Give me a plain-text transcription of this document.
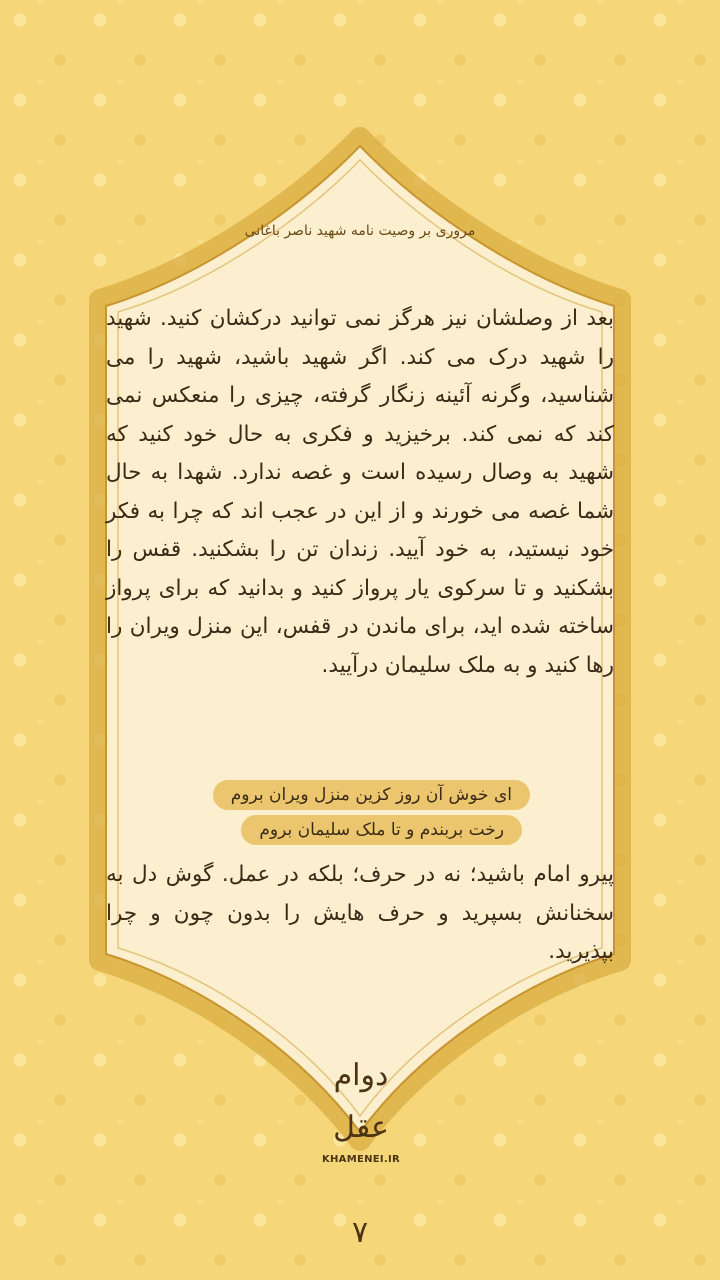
مروری بر وصیت نامه شهید ناصر باغانی

بعد از وصلشان نیز هرگز نمی توانید درکشان کنید. شهید را شهید درک می کند. اگر شهید باشید، شهید را می شناسید، وگرنه آئینه زنگار گرفته، چیزی را منعکس نمی کند که نمی کند. برخیزید و فکری به حال خود کنید که شهید به وصال رسیده است و غصه ندارد. شهدا به حال شما غصه می خورند و از این در عجب اند که چرا به فکر خود نیستید، به خود آیید. زندان تن را بشکنید. قفس را بشکنید و تا سرکوی یار پرواز کنید و بدانید که برای پرواز ساخته شده اید، برای ماندن در قفس، این منزل ویران را رها کنید و به ملک سلیمان درآیید.

ای خوش آن روز کزین منزل ویران بروم
رخت بربندم و تا ملک سلیمان بروم

پیرو امام باشید؛ نه در حرف؛ بلکه در عمل. گوش دل به سخنانش بسپرید و حرف هایش را بدون چون و چرا بپذیرید.

دوام عقل
KHAMENEI.IR
۷
